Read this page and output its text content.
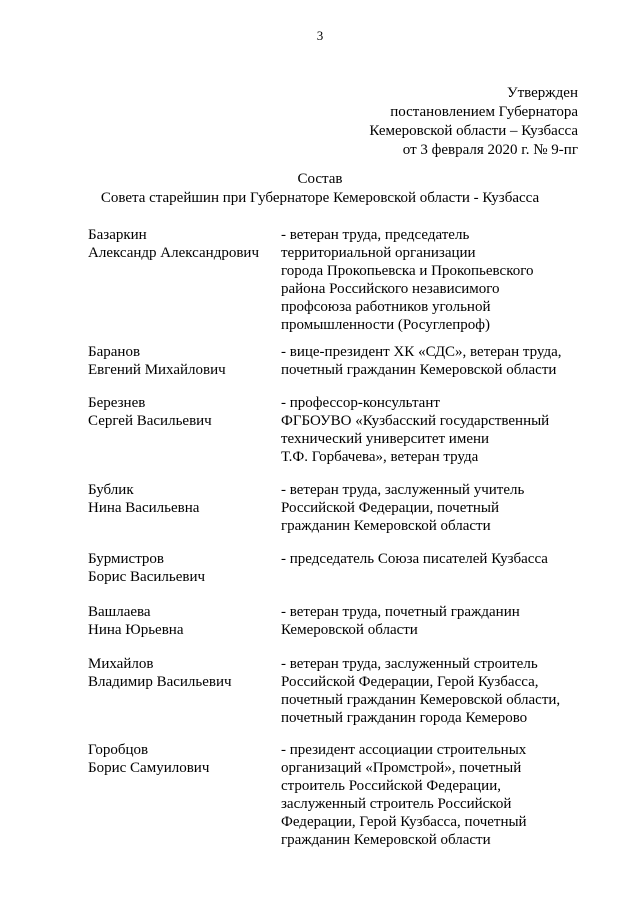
3
Утвержден
постановлением Губернатора
Кемеровской области – Кузбасса
от 3 февраля 2020 г. № 9-пг
Состав
Совета старейшин при Губернаторе Кемеровской области - Кузбасса
Базаркин
Александр Александрович
- ветеран труда, председатель
территориальной организации
города Прокопьевска и Прокопьевского
района Российского независимого
профсоюза работников угольной
промышленности (Росуглепроф)
Баранов
Евгений Михайлович
- вице-президент ХК «СДС», ветеран труда,
почетный гражданин Кемеровской области
Березнев
Сергей Васильевич
- профессор-консультант
ФГБОУВО «Кузбасский государственный
технический университет имени
Т.Ф. Горбачева», ветеран труда
Бублик
Нина Васильевна
- ветеран труда, заслуженный учитель
Российской Федерации, почетный
гражданин Кемеровской области
Бурмистров
Борис Васильевич
- председатель Союза писателей Кузбасса
Вашлаева
Нина Юрьевна
- ветеран труда, почетный гражданин
Кемеровской области
Михайлов
Владимир Васильевич
- ветеран труда, заслуженный строитель
Российской Федерации, Герой Кузбасса,
почетный гражданин Кемеровской области,
почетный гражданин города Кемерово
Горобцов
Борис Самуилович
- президент ассоциации строительных
организаций «Промстрой», почетный
строитель Российской Федерации,
заслуженный строитель Российской
Федерации, Герой Кузбасса, почетный
гражданин Кемеровской области
